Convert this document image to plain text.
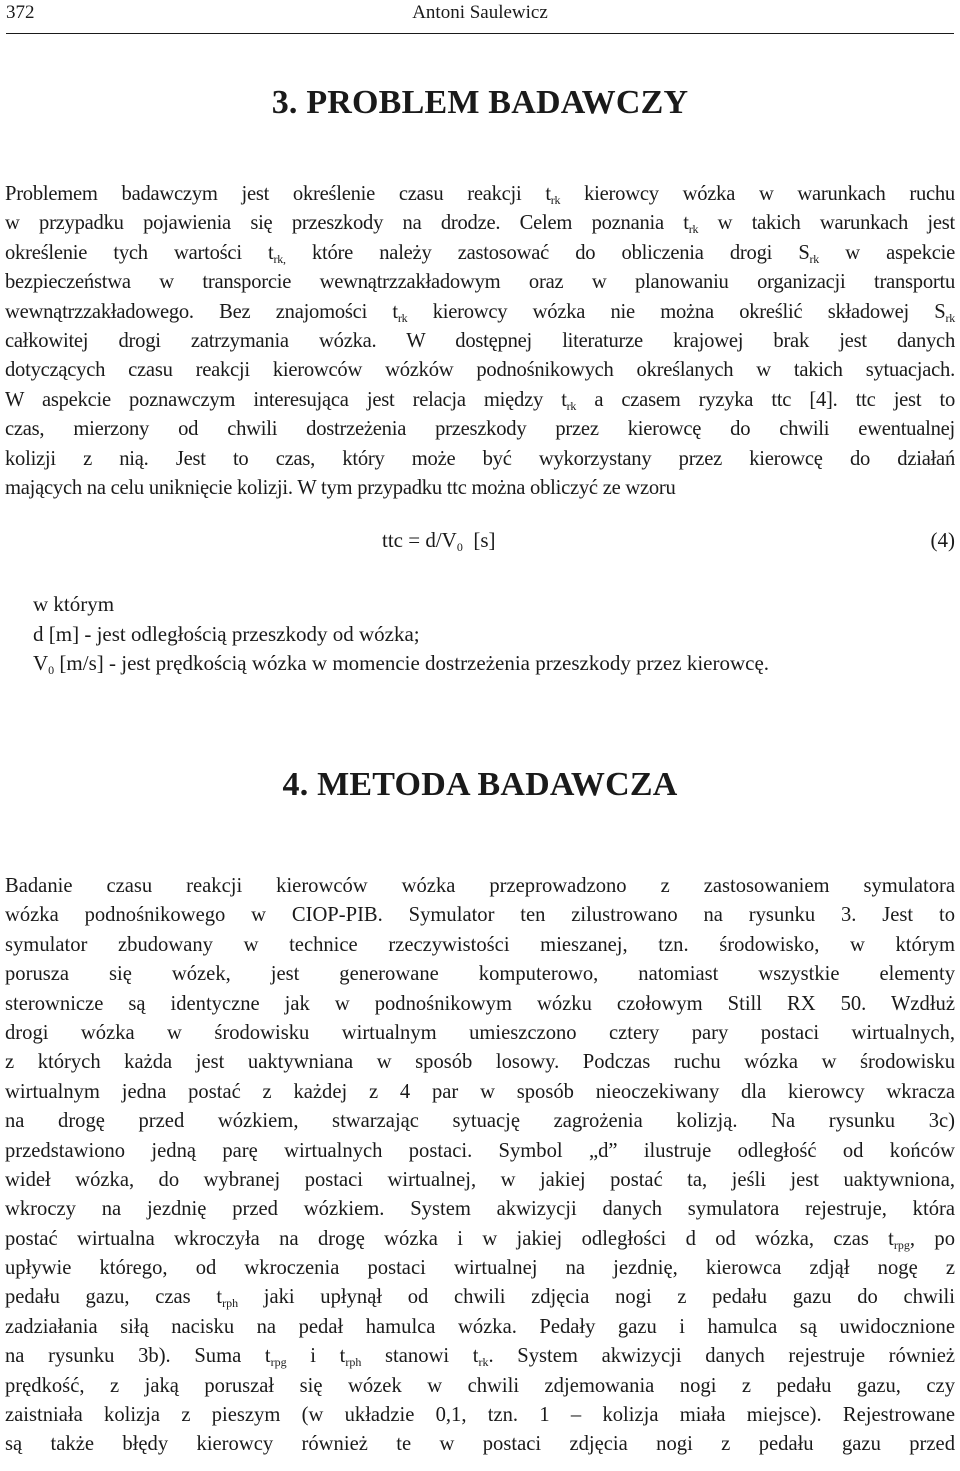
372	Antoni Saulewicz
3. PROBLEM BADAWCZY
Problemem badawczym jest określenie czasu reakcji $t_{rk}$ kierowcy wózka w warunkach ruchu
w przypadku pojawienia się przeszkody na drodze. Celem poznania $t_{rk}$ w takich warunkach jest
określenie tych wartości $t_{rk,}$ które należy zastosować do obliczenia drogi $S_{rk}$ w aspekcie
bezpieczeństwa w transporcie wewnątrzzakładowym oraz w planowaniu organizacji transportu
wewnątrzzakładowego. Bez znajomości $t_{rk}$ kierowcy wózka nie można określić składowej $S_{rk}$
całkowitej drogi zatrzymania wózka. W dostępnej literaturze krajowej brak jest danych
dotyczących czasu reakcji kierowców wózków podnośnikowych określanych w takich sytuacjach.
W aspekcie poznawczym interesująca jest relacja między $t_{rk}$ a czasem ryzyka ttc [4]. ttc jest to
czas, mierzony od chwili dostrzeżenia przeszkody przez kierowcę do chwili ewentualnej
kolizji z nią. Jest to czas, który może być wykorzystany przez kierowcę do działań
mających na celu uniknięcie kolizji. W tym przypadku ttc można obliczyć ze wzoru
ttc = $d/V_0$  [s]	(4)
w którym
d [m] - jest odległością przeszkody od wózka;
$V_0$ [m/s] - jest prędkością wózka w momencie dostrzeżenia przeszkody przez kierowcę.
4. METODA BADAWCZA
Badanie czasu reakcji kierowców wózka przeprowadzono z zastosowaniem symulatora
wózka podnośnikowego w CIOP-PIB. Symulator ten zilustrowano na rysunku 3. Jest to
symulator zbudowany w technice rzeczywistości mieszanej, tzn. środowisko, w którym
porusza się wózek, jest generowane komputerowo, natomiast wszystkie elementy
sterownicze są identyczne jak w podnośnikowym wózku czołowym Still RX 50. Wzdłuż
drogi wózka w środowisku wirtualnym umieszczono cztery pary postaci wirtualnych,
z których każda jest uaktywniana w sposób losowy. Podczas ruchu wózka w środowisku
wirtualnym jedna postać z każdej z 4 par w sposób nieoczekiwany dla kierowcy wkracza
na drogę przed wózkiem, stwarzając sytuację zagrożenia kolizją. Na rysunku 3c)
przedstawiono jedną parę wirtualnych postaci. Symbol „d” ilustruje odległość od końców
wideł wózka, do wybranej postaci wirtualnej, w jakiej postać ta, jeśli jest uaktywniona,
wkroczy na jezdnię przed wózkiem. System akwizycji danych symulatora rejestruje, która
postać wirtualna wkroczyła na drogę wózka i w jakiej odległości d od wózka, czas $t_{rpg}$, po
upływie którego, od wkroczenia postaci wirtualnej na jezdnię, kierowca zdjął nogę z
pedału gazu, czas $t_{rph}$ jaki upłynął od chwili zdjęcia nogi z pedału gazu do chwili
zadziałania siłą nacisku na pedał hamulca wózka. Pedały gazu i hamulca są uwidocznione
na rysunku 3b). Suma $t_{rpg}$ i $t_{rph}$ stanowi $t_{rk}$. System akwizycji danych rejestruje również
prędkość, z jaką poruszał się wózek w chwili zdjemowania nogi z pedału gazu, czy
zaistniała kolizja z pieszym (w układzie 0,1, tzn. 1 – kolizja miała miejsce). Rejestrowane
są także błędy kierowcy również te w postaci zdjęcia nogi z pedału gazu przed
